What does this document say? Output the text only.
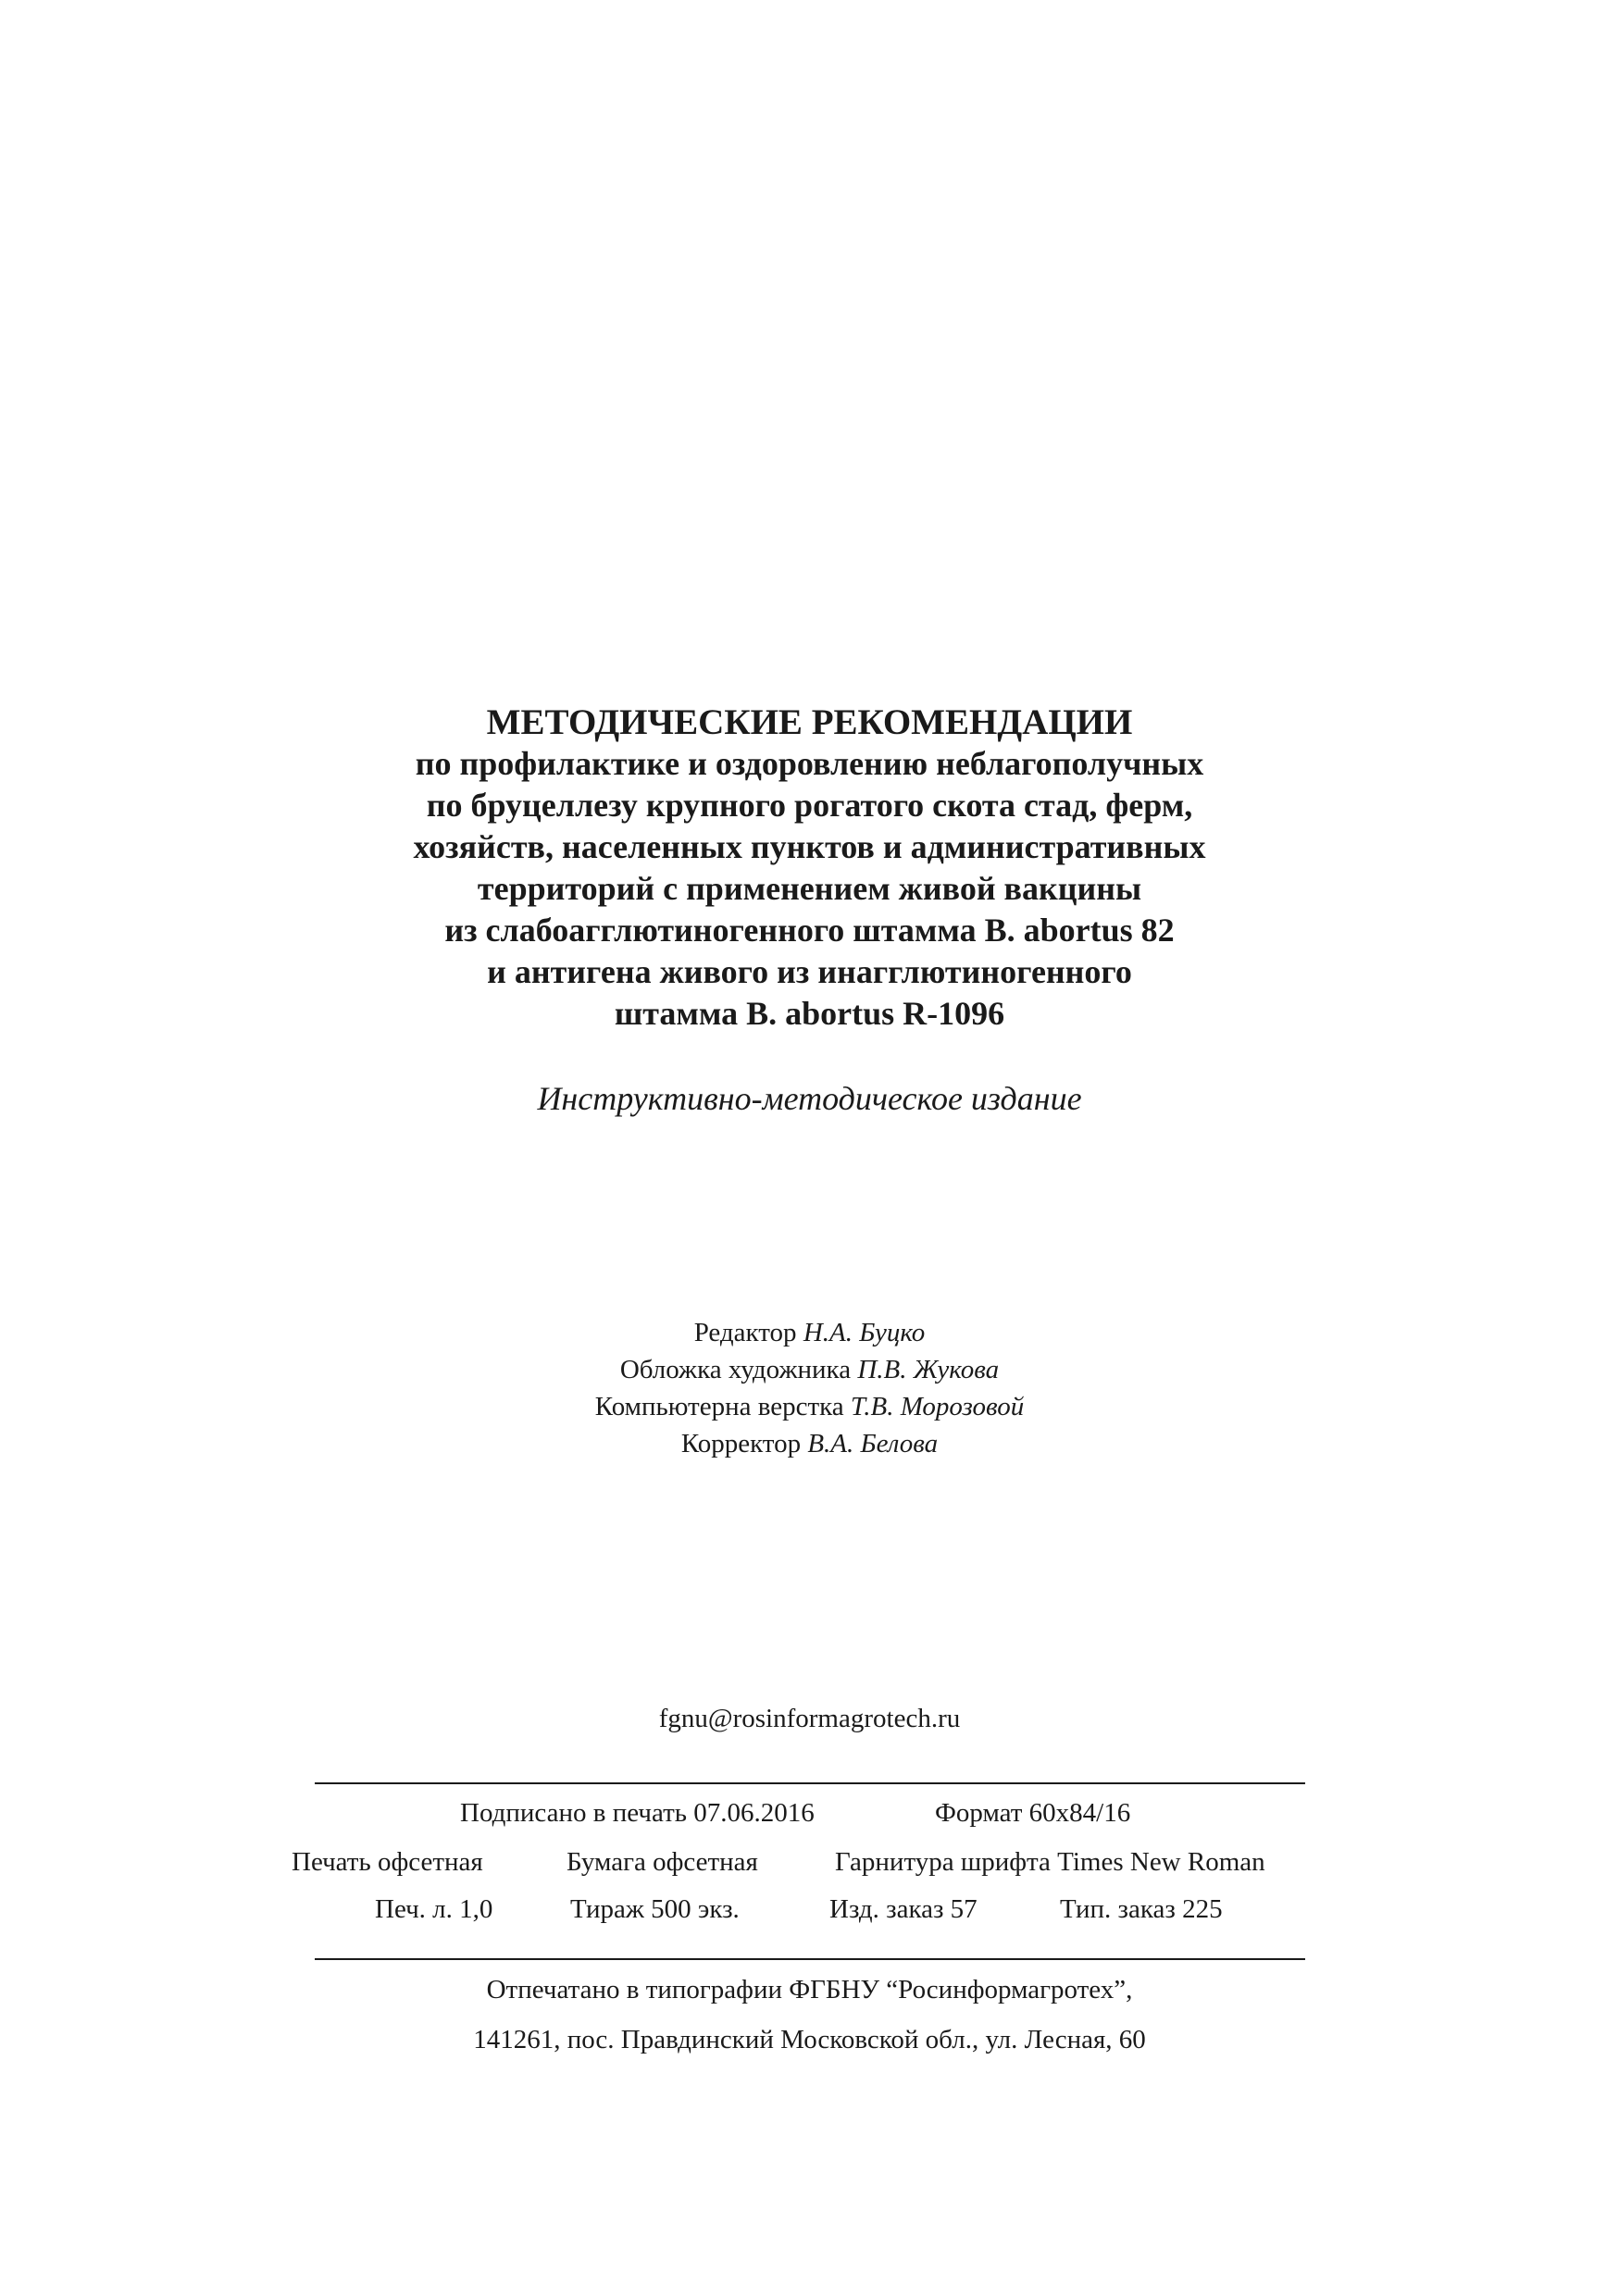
МЕТОДИЧЕСКИЕ РЕКОМЕНДАЦИИ

по профилактике и оздоровлению неблагополучных

по бруцеллезу крупного рогатого скота стад, ферм,

хозяйств, населенных пунктов и административных

территорий с применением живой вакцины

из слабоагглютиногенного штамма B. abortus 82

и антигена живого из инагглютиногенного

штамма B. abortus R-1096

Инструктивно-методическое издание

Редактор Н.А. Буцко

Обложка художника П.В. Жукова

Компьютерна верстка Т.В. Морозовой

Корректор В.А. Белова

fgnu@rosinformagrotech.ru
Подписано в печать 07.06.2016	Формат 60х84/16
Печать офсетная	Бумага офсетная	Гарнитура шрифта Times New Roman
Печ. л. 1,0	Тираж 500 экз.	Изд. заказ 57	Тип. заказ 225
Отпечатано в типографии ФГБНУ “Росинформагротех”,
141261, пос. Правдинский Московской обл., ул. Лесная, 60
